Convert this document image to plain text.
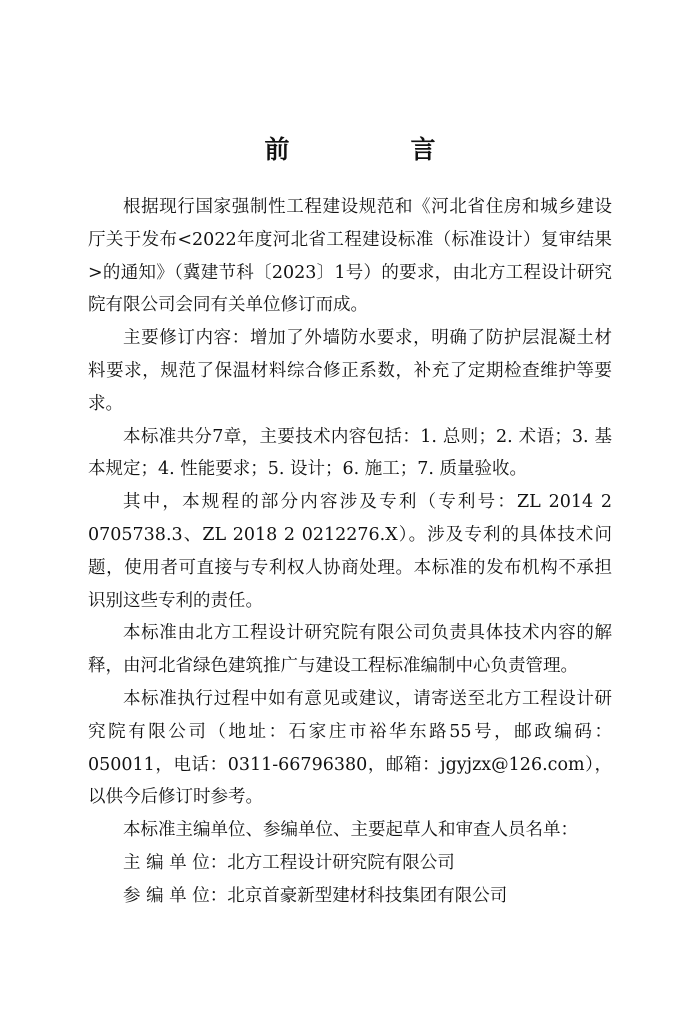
前　言

根据现行国家强制性工程建设规范和《河北省住房和城乡建设厅关于发布<2022年度河北省工程建设标准（标准设计）复审结果>的通知》（冀建节科〔2023〕1号）的要求，由北方工程设计研究院有限公司会同有关单位修订而成。

主要修订内容：增加了外墙防水要求，明确了防护层混凝土材料要求，规范了保温材料综合修正系数，补充了定期检查维护等要求。

本标准共分7章，主要技术内容包括：1. 总则；2. 术语；3. 基本规定；4. 性能要求；5. 设计；6. 施工；7. 质量验收。

其中，本规程的部分内容涉及专利（专利号：ZL 2014 2 0705738.3、ZL 2018 2 0212276.X）。涉及专利的具体技术问题，使用者可直接与专利权人协商处理。本标准的发布机构不承担识别这些专利的责任。

本标准由北方工程设计研究院有限公司负责具体技术内容的解释，由河北省绿色建筑推广与建设工程标准编制中心负责管理。

本标准执行过程中如有意见或建议，请寄送至北方工程设计研究院有限公司（地址：石家庄市裕华东路55号，邮政编码：050011，电话：0311-66796380，邮箱：jgyjzx@126.com），以供今后修订时参考。

本标准主编单位、参编单位、主要起草人和审查人员名单：

主 编 单 位：北方工程设计研究院有限公司

参 编 单 位：北京首豪新型建材科技集团有限公司
